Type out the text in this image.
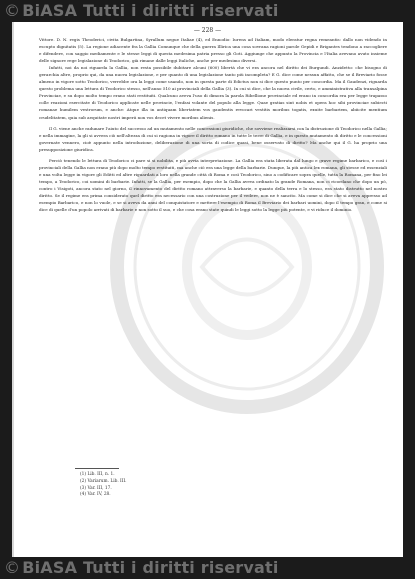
© BiASA Tutti i diritti riservati
— 228 —

Vittore. D. N. regis Theoderici, civita Bulgartina, Syrallum negue Italiae (4), ed Ennodio: Iurens ad Italiam, modo eleratur regna remeantis: dallo non videndo in escupto dignitatis (5). La regione adiacente fra la Gallia Comunque che della guerra Illirica una cosa sovrana ragioni parole Gepidi e Brigantes tendono a raccogliere e difendere, con saggio mediamente e le stesse leggi di questa medesima patria presso gli Goti. Aggiunge che appunto la Provincia e l'Italia avevano avuto insieme delle signore rege legislazione di Teodorico, già rimane dalle leggi Italiche, anche per medesimo diversi.

Infatti, noi da noi riguarda la Gallia, non resta possibile dubitare alcuni (600) libertà che vi era ancora nel diritto dei Burgundi. Anzidetto: che bisogno di gerarchia altre, proprio qui, da una nuova legislazione, e per quanto di una legislazione tanto più incompleta? E G. dice come nessun affatto, che se il Breviario fosse almeno in vigore sotto Teodorico, verrebbe ora la leggi come usando, non in questa parte di Edictus non si dice questo punto per concordia. Ma il Gaudenzi, riguarda questo problema una lettura di Teodorico stesso, nell'anno 510 ai provinciali della Gallia (3). In cui si dice, che la nuova civile, certo, e amministrativa alla transalpina Provinciae, e su dopo molto tempo erano stati restituiti. Qualcuno aveva l'uso di dimora la parola Ribellione provinciale ed erano in concordia era per legge trapasso colle reazioni esercitate di Teodorico applicate nelle provincie, l'enfasi volante del populo alla legge. Quae gratias sint nobis et opera hoc sibi provinciae subiecti romanae humilem vestrorum, e anche: Atque illa in antiquam libertatem vos gaudentis revocari vestitis moribus togatis, exuite barbariem, abiicite mentium crudelitatem, quia sub aequitate nostri imperii non vos decet vivere moribus alienis.

Il G. viene anche radunare l'aiuto del successo ad un mutamento nelle concessioni giuridiche, che sovviene realizzarsi con la distruzione di Teodorico nella Gallia; e nella immagine, la gli si avvera ciò nell'altezza di cui si ragiona in vigore il diritto romano in tutte le terre di Gallia, e in questo mutamento di diritto e le concessioni governate vennero, cioè appunto nella introduzione, deliberazione di una sorta di codice quasi, bene osservato di diritto? Ma anche qui il G. ha proprio una presupposizione giuridica.

Perciò tenendo le lettura di Teodorico ci pare si si nobilita, e più avvia interpretazione. La Gallia era stata liberata dal lungo e grave regime barbarico, e così i provinciali della Gallia non erano più dopo molto tempo restituiti, ma anche ciò era una legge della barbarie. Dunque, la più antica lex romana, gli stesse ed essenziali e una volta legge in vigore gli Editti ed altre riguardati a loro nella grande città di Roma e così Teodorico, sino a codificare sopra quelle, tutta la Romana, per fino lei tempo, a Teodorico, coi uomini di barbarie. Infatti, se la Gallia, per esempio, dopo che la Gallia aveva ordinato la grande Romana, non ci ricordano che dopo un pò, contro i Visigoti, ancora stato nel giorno, il rinnovamento del diritto romano attraverso la barbarie, e quanto della terra e lo stesso, era stato distrutto nel nostro diritto. Se il regime era prima considerato quel diritto era necessario con una costruzione per il vedere, non ne è sancito. Ma come si dice che si aveva appresso ad esempio Barbarico, e non lo vuole, e se si aveva da anni del conquistatore e mettere l'esempio di Roma il Breviario dei barbari uomini, dopo il tempo gran, e come si dice di quelle d'un popolo arrivati di barbarie e non sotto il suo, e che cosa erano state quindi le leggi sotto la legge più potente, e vi riduce il dominio.

(1) Lib. III, n. 1.
(2) Variarum. Lib. III.
(3) Var. III, 17.
(4) Var. IV, 28.
© BiASA Tutti i diritti riservati
